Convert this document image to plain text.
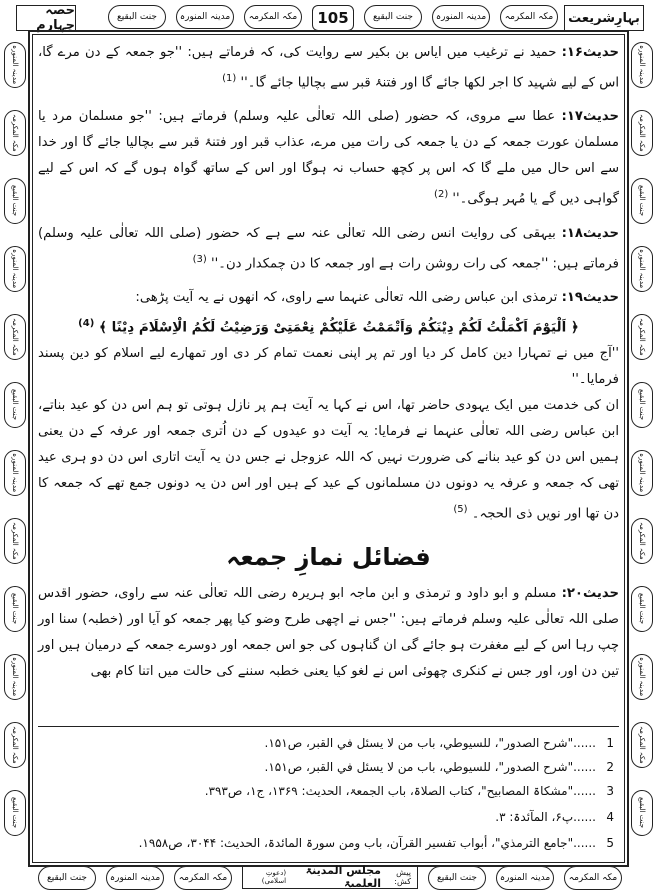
حصہ چہارم
جنت البقیع	مدینہ المنورہ	مکہ المکرمہ	105	جنت البقیع	مدینہ المنورہ	مکہ المکرمہ	بہارِشریعت
مدینہ المنورہ
مکہ المکرمہ
جنت البقیع
مدینہ المنورہ
مکہ المکرمہ
جنت البقیع
مدینہ المنورہ
مکہ المکرمہ
جنت البقیع
مدینہ المنورہ
مکہ المکرمہ
جنت البقیع
مدینہ المنورہ
مکہ المکرمہ
جنت البقیع
مدینہ المنورہ
مکہ المکرمہ
جنت البقیع
مدینہ المنورہ
مکہ المکرمہ
جنت البقیع
مدینہ المنورہ
مکہ المکرمہ
جنت البقیع

حدیث۱۶: حمید نے ترغیب میں ایاس بن بکیر سے روایت کی، کہ فرماتے ہیں: ''جو جمعہ کے دن مرے گا، اس کے لیے شہید کا اجر لکھا جائے گا اور فتنۂ قبر سے بچالیا جائے گا۔'' $^{(1)}$

حدیث۱۷: عطا سے مروی، کہ حضور (صلی اللہ تعالٰی علیہ وسلم) فرماتے ہیں: ''جو مسلمان مرد یا مسلمان عورت جمعہ کے دن یا جمعہ کی رات میں مرے، عذاب قبر اور فتنۂ قبر سے بچالیا جائے گا اور خدا سے اس حال میں ملے گا کہ اس پر کچھ حساب نہ ہوگا اور اس کے ساتھ گواہ ہوں گے کہ اس کے لیے گواہی دیں گے یا مُہر ہوگی۔'' $^{(2)}$

حدیث۱۸: بیہقی کی روایت انس رضی اللہ تعالٰی عنہ سے ہے کہ حضور (صلی اللہ تعالٰی علیہ وسلم) فرماتے ہیں: ''جمعہ کی رات روشن رات ہے اور جمعہ کا دن چمکدار دن۔'' $^{(3)}$

حدیث۱۹: ترمذی ابن عباس رضی اللہ تعالٰی عنہما سے راوی، کہ انھوں نے یہ آیت پڑھی:

﴿ اَلْیَوْمَ اَكْمَلْتُ لَكُمْ دِیْنَكُمْ وَاَتْمَمْتُ عَلَیْكُمْ نِعْمَتِیْ وَرَضِیْتُ لَكُمُ الْاِسْلَامَ دِیْنًا ﴾ $^{(4)}$

''آج میں نے تمہارا دین کامل کر دیا اور تم پر اپنی نعمت تمام کر دی اور تمھارے لیے اسلام کو دین پسند فرمایا۔''

ان کی خدمت میں ایک یہودی حاضر تھا، اس نے کہا یہ آیت ہم پر نازل ہوتی تو ہم اس دن کو عید بناتے، ابن عباس رضی اللہ تعالٰی عنہما نے فرمایا: یہ آیت دو عیدوں کے دن اُتری جمعہ اور عرفہ کے دن یعنی ہمیں اس دن کو عید بنانے کی ضرورت نہیں کہ اللہ عزوجل نے جس دن یہ آیت اتاری اس دن دو ہری عید تھی کہ جمعہ و عرفہ یہ دونوں دن مسلمانوں کے عید کے ہیں اور اس دن یہ دونوں جمع تھے کہ جمعہ کا دن تھا اور نویں ذی الحجہ۔ $^{(5)}$

فضائل نمازِ جمعہ

حدیث۲۰: مسلم و ابو داود و ترمذی و ابن ماجہ ابو ہریرہ رضی اللہ تعالٰی عنہ سے راوی، حضور اقدس صلی اللہ تعالٰی علیہ وسلم فرماتے ہیں: ''جس نے اچھی طرح وضو کیا پھر جمعہ کو آیا اور (خطبہ) سنا اور چپ رہا اس کے لیے مغفرت ہو جائے گی ان گناہوں کی جو اس جمعہ اور دوسرے جمعہ کے درمیان ہیں اور تین دن اور، اور جس نے کنکری چھوئی اس نے لغو کیا یعنی خطبہ سننے کی حالت میں اتنا کام بھی

1......"شرح الصدور"، للسیوطي، باب من لا یسئل في القبر، ص۱۵۱.
2......"شرح الصدور"، للسیوطي، باب من لا یسئل في القبر، ص۱۵۱.
3......"مشکاۃ المصابیح"، کتاب الصلاۃ، باب الجمعۃ، الحدیث: ۱۳۶۹، ج۱، ص۳۹۳.
4......پ۶، المآئدۃ: ۳.
5......"جامع الترمذي"، أبواب تفسیر القرآن، باب ومن سورۃ المائدۃ، الحدیث: ۳۰۴۴، ص۱۹۵۸.
جنت البقیع	مدینہ المنورہ	مکہ المکرمہ
پیش کش:
مجلس المدینۃ العلمیۃ
(دعوتِ اسلامی)	جنت البقیع	مدینہ المنورہ	مکہ المکرمہ
